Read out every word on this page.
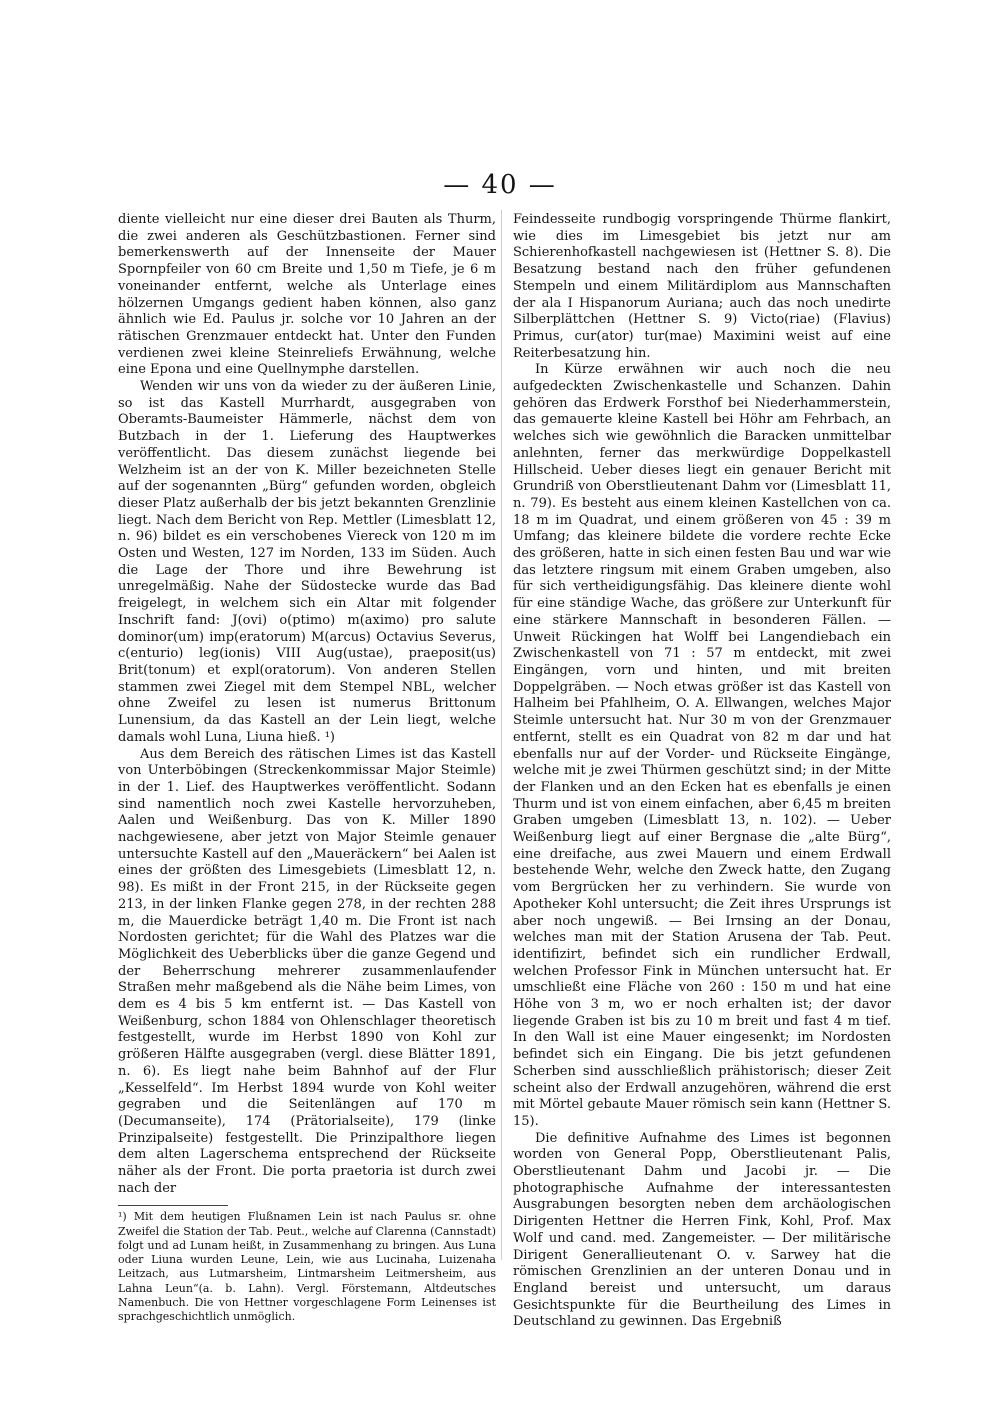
— 40 —

diente vielleicht nur eine dieser drei Bauten als Thurm, die zwei anderen als Geschützbastionen. Ferner sind bemerkenswerth auf der Innenseite der Mauer Spornpfeiler von 60 cm Breite und 1,50 m Tiefe, je 6 m voneinander entfernt, welche als Unterlage eines hölzernen Umgangs gedient haben können, also ganz ähnlich wie Ed. Paulus jr. solche vor 10 Jahren an der rätischen Grenzmauer entdeckt hat. Unter den Funden verdienen zwei kleine Steinreliefs Erwähnung, welche eine Epona und eine Quellnymphe darstellen.

Wenden wir uns von da wieder zu der äußeren Linie, so ist das Kastell Murrhardt, ausgegraben von Oberamts-Baumeister Hämmerle, nächst dem von Butzbach in der 1. Lieferung des Hauptwerkes veröffentlicht. Das diesem zunächst liegende bei Welzheim ist an der von K. Miller bezeichneten Stelle auf der sogenannten „Bürg“ gefunden worden, obgleich dieser Platz außerhalb der bis jetzt bekannten Grenzlinie liegt. Nach dem Bericht von Rep. Mettler (Limesblatt 12, n. 96) bildet es ein verschobenes Viereck von 120 m im Osten und Westen, 127 im Norden, 133 im Süden. Auch die Lage der Thore und ihre Bewehrung ist unregelmäßig. Nahe der Südostecke wurde das Bad freigelegt, in welchem sich ein Altar mit folgender Inschrift fand: J(ovi) o(ptimo) m(aximo) pro salute dominor(um) imp(eratorum) M(arcus) Octavius Severus, c(enturio) leg(ionis) VIII Aug(ustae), praeposit(us) Brit(tonum) et expl(oratorum). Von anderen Stellen stammen zwei Ziegel mit dem Stempel NBL, welcher ohne Zweifel zu lesen ist numerus Brittonum Lunensium, da das Kastell an der Lein liegt, welche damals wohl Luna, Liuna hieß. ¹)

Aus dem Bereich des rätischen Limes ist das Kastell von Unterböbingen (Streckenkommissar Major Steimle) in der 1. Lief. des Hauptwerkes veröffentlicht. Sodann sind namentlich noch zwei Kastelle hervorzuheben, Aalen und Weißenburg. Das von K. Miller 1890 nachgewiesene, aber jetzt von Major Steimle genauer untersuchte Kastell auf den „Maueräckern“ bei Aalen ist eines der größten des Limesgebiets (Limesblatt 12, n. 98). Es mißt in der Front 215, in der Rückseite gegen 213, in der linken Flanke gegen 278, in der rechten 288 m, die Mauerdicke beträgt 1,40 m. Die Front ist nach Nordosten gerichtet; für die Wahl des Platzes war die Möglichkeit des Ueberblicks über die ganze Gegend und der Beherrschung mehrerer zusammenlaufender Straßen mehr maßgebend als die Nähe beim Limes, von dem es 4 bis 5 km entfernt ist. — Das Kastell von Weißenburg, schon 1884 von Ohlenschlager theoretisch festgestellt, wurde im Herbst 1890 von Kohl zur größeren Hälfte ausgegraben (vergl. diese Blätter 1891, n. 6). Es liegt nahe beim Bahnhof auf der Flur „Kesselfeld“. Im Herbst 1894 wurde von Kohl weiter gegraben und die Seitenlängen auf 170 m (Decumanseite), 174 (Prätorialseite), 179 (linke Prinzipalseite) festgestellt. Die Prinzipalthore liegen dem alten Lagerschema entsprechend der Rückseite näher als der Front. Die porta praetoria ist durch zwei nach der

¹) Mit dem heutigen Flußnamen Lein ist nach Paulus sr. ohne Zweifel die Station der Tab. Peut., welche auf Clarenna (Cannstadt) folgt und ad Lunam heißt, in Zusammenhang zu bringen. Aus Luna oder Liuna wurden Leune, Lein, wie aus Lucinaha, Luizenaha Leitzach, aus Lutmarsheim, Lintmarsheim Leitmersheim, aus Lahna Leun“(a. b. Lahn). Vergl. Förstemann, Altdeutsches Namenbuch. Die von Hettner vorgeschlagene Form Leinenses ist sprachgeschichtlich unmöglich.

Feindesseite rundbogig vorspringende Thürme flankirt, wie dies im Limesgebiet bis jetzt nur am Schierenhofkastell nachgewiesen ist (Hettner S. 8). Die Besatzung bestand nach den früher gefundenen Stempeln und einem Militärdiplom aus Mannschaften der ala I Hispanorum Auriana; auch das noch unedirte Silberplättchen (Hettner S. 9) Victo(riae) (Flavius) Primus, cur(ator) tur(mae) Maximini weist auf eine Reiterbesatzung hin.

In Kürze erwähnen wir auch noch die neu aufgedeckten Zwischenkastelle und Schanzen. Dahin gehören das Erdwerk Forsthof bei Niederhammerstein, das gemauerte kleine Kastell bei Höhr am Fehrbach, an welches sich wie gewöhnlich die Baracken unmittelbar anlehnten, ferner das merkwürdige Doppelkastell Hillscheid. Ueber dieses liegt ein genauer Bericht mit Grundriß von Oberstlieutenant Dahm vor (Limesblatt 11, n. 79). Es besteht aus einem kleinen Kastellchen von ca. 18 m im Quadrat, und einem größeren von 45 : 39 m Umfang; das kleinere bildete die vordere rechte Ecke des größeren, hatte in sich einen festen Bau und war wie das letztere ringsum mit einem Graben umgeben, also für sich vertheidigungsfähig. Das kleinere diente wohl für eine ständige Wache, das größere zur Unterkunft für eine stärkere Mannschaft in besonderen Fällen. — Unweit Rückingen hat Wolff bei Langendiebach ein Zwischenkastell von 71 : 57 m entdeckt, mit zwei Eingängen, vorn und hinten, und mit breiten Doppelgräben. — Noch etwas größer ist das Kastell von Halheim bei Pfahlheim, O. A. Ellwangen, welches Major Steimle untersucht hat. Nur 30 m von der Grenzmauer entfernt, stellt es ein Quadrat von 82 m dar und hat ebenfalls nur auf der Vorder- und Rückseite Eingänge, welche mit je zwei Thürmen geschützt sind; in der Mitte der Flanken und an den Ecken hat es ebenfalls je einen Thurm und ist von einem einfachen, aber 6,45 m breiten Graben umgeben (Limesblatt 13, n. 102). — Ueber Weißenburg liegt auf einer Bergnase die „alte Bürg“, eine dreifache, aus zwei Mauern und einem Erdwall bestehende Wehr, welche den Zweck hatte, den Zugang vom Bergrücken her zu verhindern. Sie wurde von Apotheker Kohl untersucht; die Zeit ihres Ursprungs ist aber noch ungewiß. — Bei Irnsing an der Donau, welches man mit der Station Arusena der Tab. Peut. identifizirt, befindet sich ein rundlicher Erdwall, welchen Professor Fink in München untersucht hat. Er umschließt eine Fläche von 260 : 150 m und hat eine Höhe von 3 m, wo er noch erhalten ist; der davor liegende Graben ist bis zu 10 m breit und fast 4 m tief. In den Wall ist eine Mauer eingesenkt; im Nordosten befindet sich ein Eingang. Die bis jetzt gefundenen Scherben sind ausschließlich prähistorisch; dieser Zeit scheint also der Erdwall anzugehören, während die erst mit Mörtel gebaute Mauer römisch sein kann (Hettner S. 15).

Die definitive Aufnahme des Limes ist begonnen worden von General Popp, Oberstlieutenant Palis, Oberstlieutenant Dahm und Jacobi jr. — Die photographische Aufnahme der interessantesten Ausgrabungen besorgten neben dem archäologischen Dirigenten Hettner die Herren Fink, Kohl, Prof. Max Wolf und cand. med. Zangemeister. — Der militärische Dirigent Generallieutenant O. v. Sarwey hat die römischen Grenzlinien an der unteren Donau und in England bereist und untersucht, um daraus Gesichtspunkte für die Beurtheilung des Limes in Deutschland zu gewinnen. Das Ergebniß
